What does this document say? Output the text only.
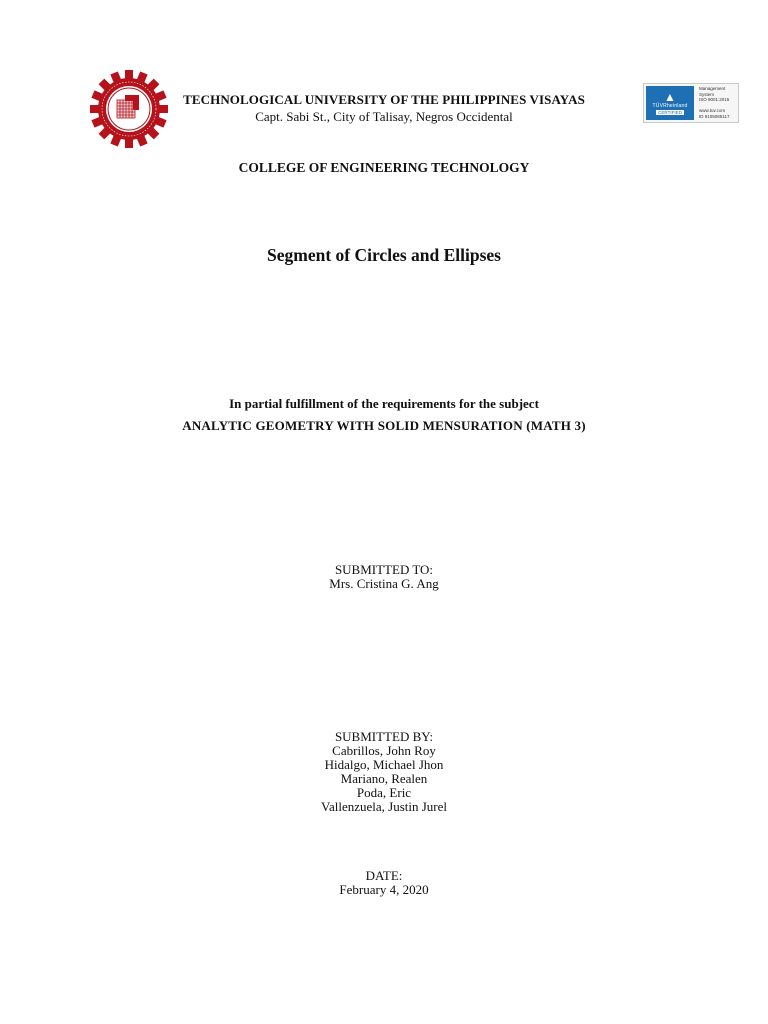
TECHNOLOGICAL UNIVERSITY OF THE PHILIPPINES VISAYAS
Capt. Sabi St., City of Talisay, Negros Occidental
▲
TÜVRheinland
CERTIFIED
Management
System
ISO 9001:2015

www.tuv.com
ID 9105085117
COLLEGE OF ENGINEERING TECHNOLOGY
Segment of Circles and Ellipses
In partial fulfillment of the requirements for the subject
ANALYTIC GEOMETRY WITH SOLID MENSURATION (MATH 3)
SUBMITTED TO:
Mrs. Cristina G. Ang
SUBMITTED BY:
Cabrillos, John Roy
Hidalgo, Michael Jhon
Mariano, Realen
Poda, Eric
Vallenzuela, Justin Jurel
DATE:
February 4, 2020
